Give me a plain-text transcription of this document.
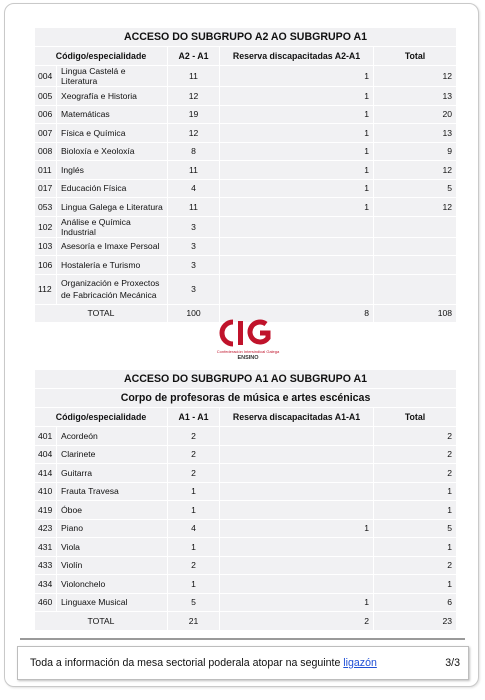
ACCESO DO SUBGRUPO A2 AO SUBGRUPO A1				
Código/especialidade		A2 - A1	Reserva discapacitadas A2-A1	Total
004	Lingua Castelá e Literatura	11	1	12
005	Xeografía e Historia	12	1	13
006	Matemáticas	19	1	20
007	Física e Química	12	1	13
008	Bioloxía e Xeoloxía	8	1	9
011	Inglés	11	1	12
017	Educación Física	4	1	5
053	Lingua Galega e Literatura	11	1	12
102	Análise e Química Industrial	3		
103	Asesoría e Imaxe Persoal	3		
106	Hostalería e Turismo	3		
112	Organización e Proxectos de Fabricación Mecánica	3		
TOTAL		100	8	108
Confederación Intersindical Galega
ENSINO
ACCESO DO SUBGRUPO A1 AO SUBGRUPO A1				
Corpo de profesoras de música e artes escénicas				
Código/especialidade		A1 - A1	Reserva discapacitadas A1-A1	Total
401	Acordeón	2		2
404	Clarinete	2		2
414	Guitarra	2		2
410	Frauta Travesa	1		1
419	Óboe	1		1
423	Piano	4	1	5
431	Viola	1		1
433	Violín	2		2
434	Violonchelo	1		1
460	Linguaxe Musical	5	1	6
TOTAL		21	2	23
Toda a información da mesa sectorial poderala atopar na seguinte ligazón	3/3
